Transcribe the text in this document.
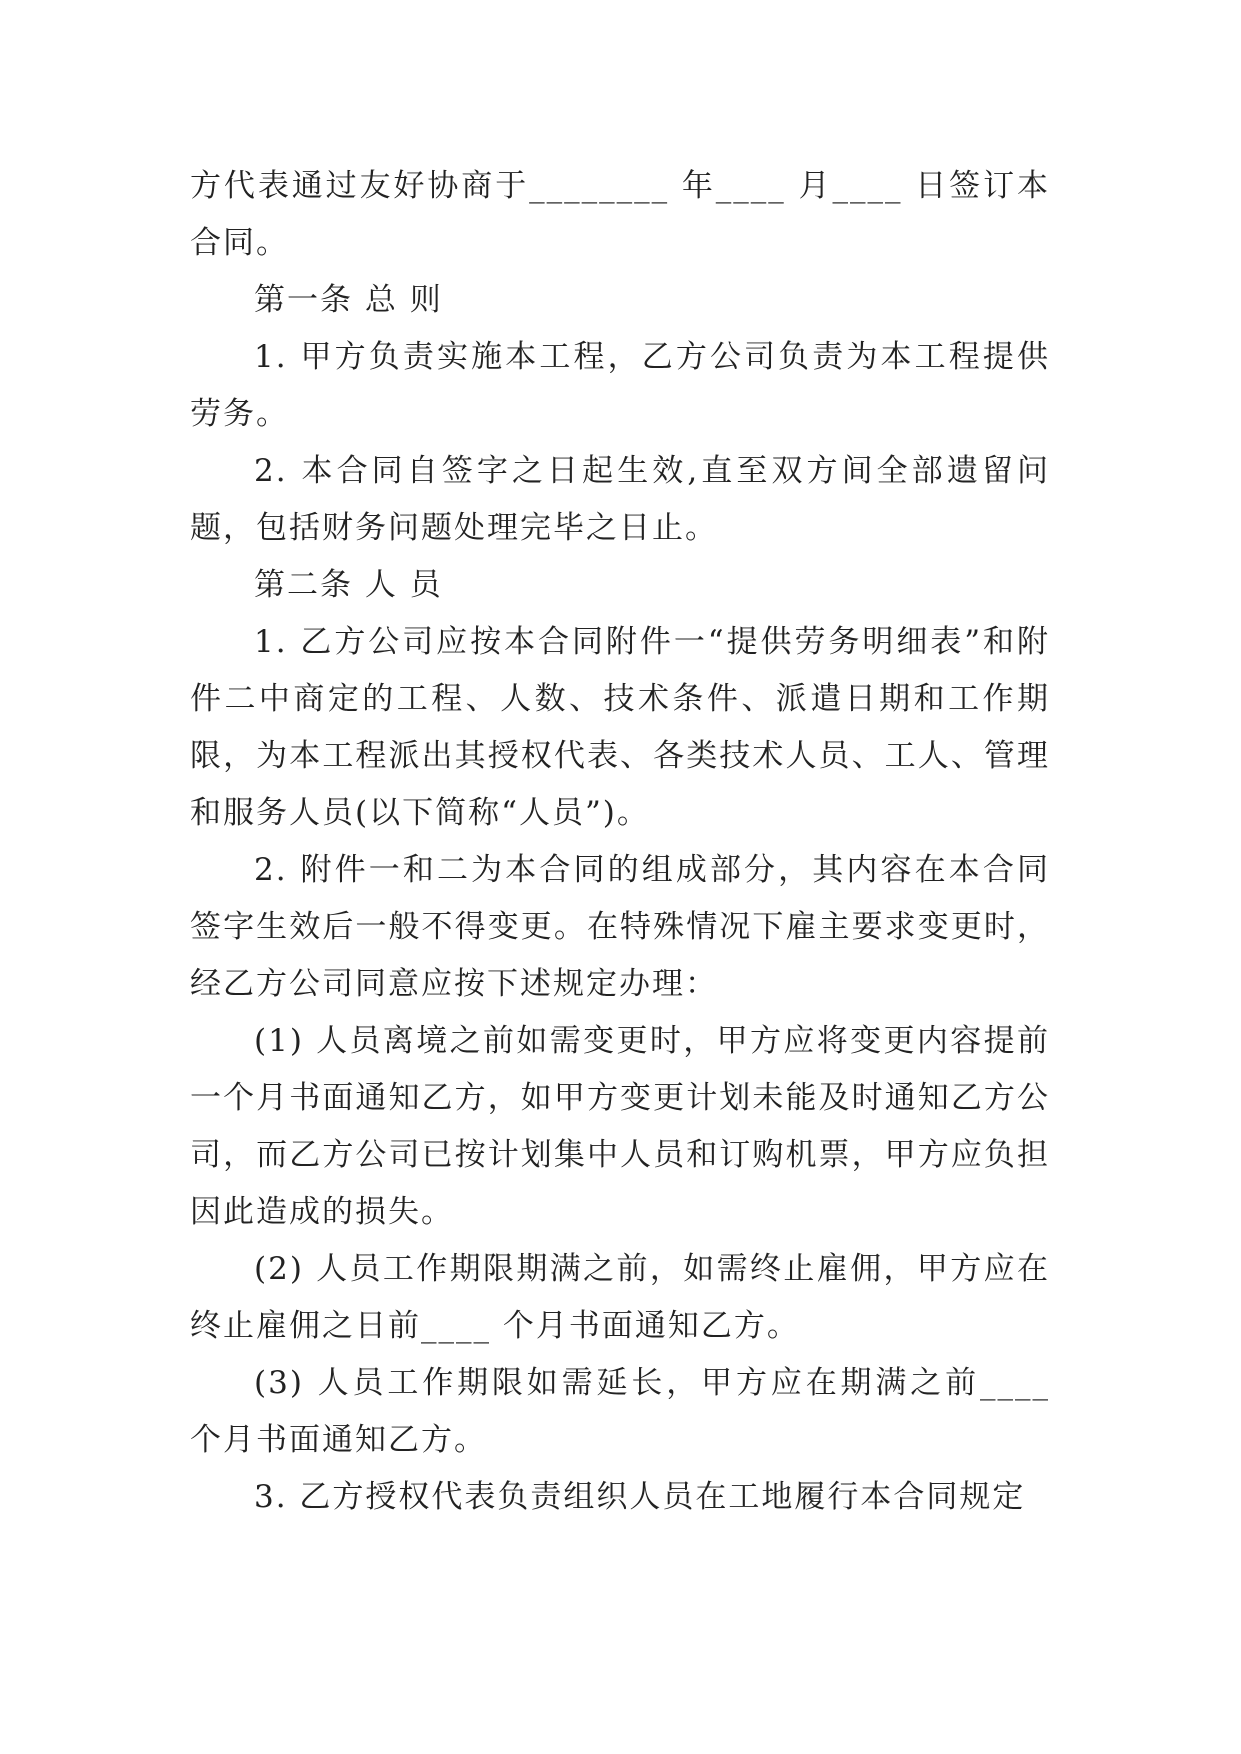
方代表通过友好协商于________ 年____ 月____ 日签订本合同。

第一条 总 则

1. 甲方负责实施本工程，乙方公司负责为本工程提供劳务。

2. 本合同自签字之日起生效,直至双方间全部遗留问题，包括财务问题处理完毕之日止。

第二条 人 员

1. 乙方公司应按本合同附件一“提供劳务明细表”和附件二中商定的工程、人数、技术条件、派遣日期和工作期限，为本工程派出其授权代表、各类技术人员、工人、管理和服务人员(以下简称“人员”)。

2. 附件一和二为本合同的组成部分，其内容在本合同签字生效后一般不得变更。在特殊情况下雇主要求变更时，经乙方公司同意应按下述规定办理：

(1) 人员离境之前如需变更时，甲方应将变更内容提前一个月书面通知乙方，如甲方变更计划未能及时通知乙方公司，而乙方公司已按计划集中人员和订购机票，甲方应负担因此造成的损失。

(2) 人员工作期限期满之前，如需终止雇佣，甲方应在终止雇佣之日前____ 个月书面通知乙方。

(3) 人员工作期限如需延长，甲方应在期满之前____ 个月书面通知乙方。

3. 乙方授权代表负责组织人员在工地履行本合同规定
